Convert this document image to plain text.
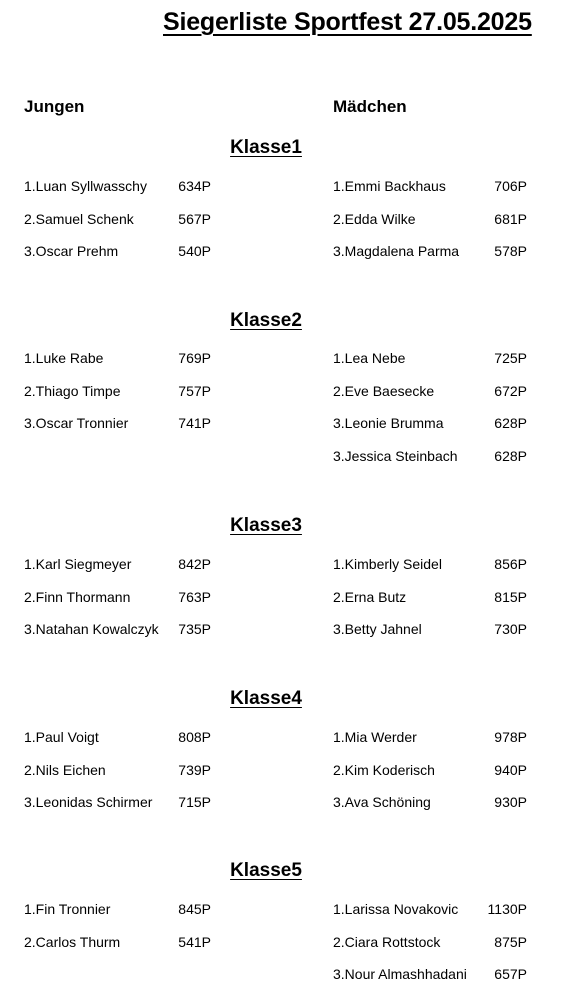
Siegerliste Sportfest 27.05.2025
Jungen	Mädchen
Klasse1
1.Luan Syllwasschy 634P
2.Samuel Schenk	567P
3.Oscar Prehm	540P
1.Emmi Backhaus	706P
2.Edda Wilke	681P
3.Magdalena Parma	578P
Klasse2
1.Luke Rabe	769P
2.Thiago Timpe	757P
3.Oscar Tronnier	741P
1.Lea Nebe	725P
2.Eve Baesecke	672P
3.Leonie Brumma	628P
3.Jessica Steinbach	628P
Klasse3
1.Karl Siegmeyer	842P
2.Finn Thormann	763P
3.Natahan Kowalczyk 735P
1.Kimberly Seidel	856P
2.Erna Butz	815P
3.Betty Jahnel	730P
Klasse4
1.Paul Voigt	808P
2.Nils Eichen	739P
3.Leonidas Schirmer 715P
1.Mia Werder	978P
2.Kim Koderisch	940P
3.Ava Schöning	930P
Klasse5
1.Fin Tronnier	845P
2.Carlos Thurm	541P
1.Larissa Novakovic 1130P
2.Ciara Rottstock	875P
3.Nour Almashhadani 657P
